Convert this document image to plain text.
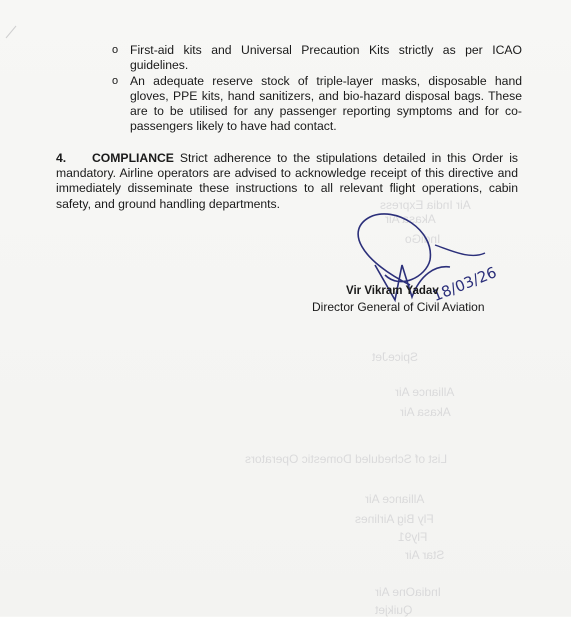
Air India Express
Akasa Air
IndiGo
SpiceJet
Alliance Air
Akasa Air
List of Scheduled Domestic Operators
Alliance Air
Fly Big Airlines
Fly91
Star Air
IndiaOne Air
Quikjet
o First-aid kits and Universal Precaution Kits strictly as per ICAO guidelines.
o An adequate reserve stock of triple-layer masks, disposable hand gloves, PPE kits, hand sanitizers, and bio-hazard disposal bags. These are to be utilised for any passenger reporting symptoms and for co-passengers likely to have had contact.
4. COMPLIANCE Strict adherence to the stipulations detailed in this Order is mandatory. Airline operators are advised to acknowledge receipt of this directive and immediately disseminate these instructions to all relevant flight operations, cabin safety, and ground handling departments.
18/03/26
Vir Vikram Yadav
Director General of Civil Aviation
